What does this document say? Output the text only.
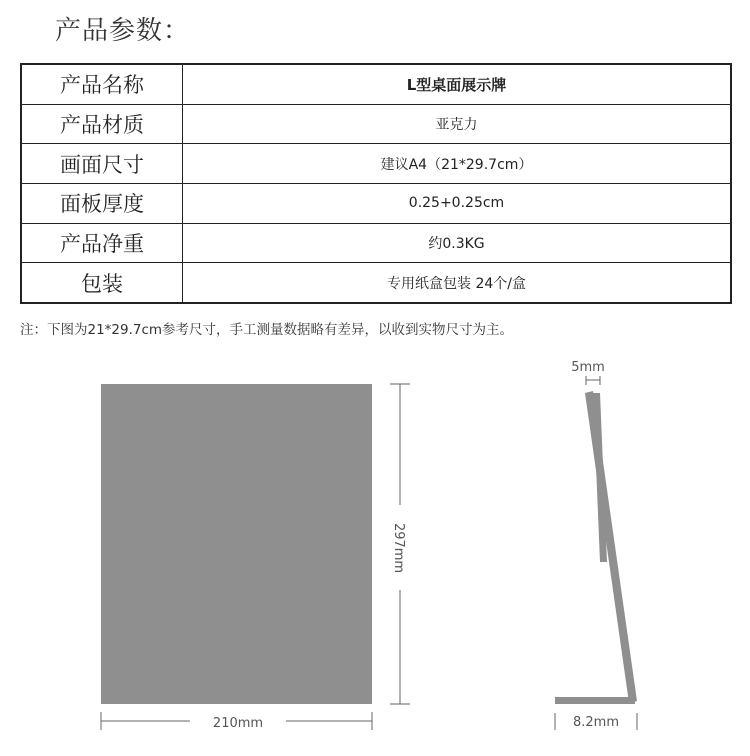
产品参数：
产品名称	L型桌面展示牌
产品材质	亚克力
画面尺寸	建议A4（21*29.7cm）
面板厚度	0.25+0.25cm
产品净重	约0.3KG
包装	专用纸盒包装 24个/盒
注：下图为21*29.7cm参考尺寸，手工测量数据略有差异，以收到实物尺寸为主。
297mm
210mm
5mm
8.2mm
